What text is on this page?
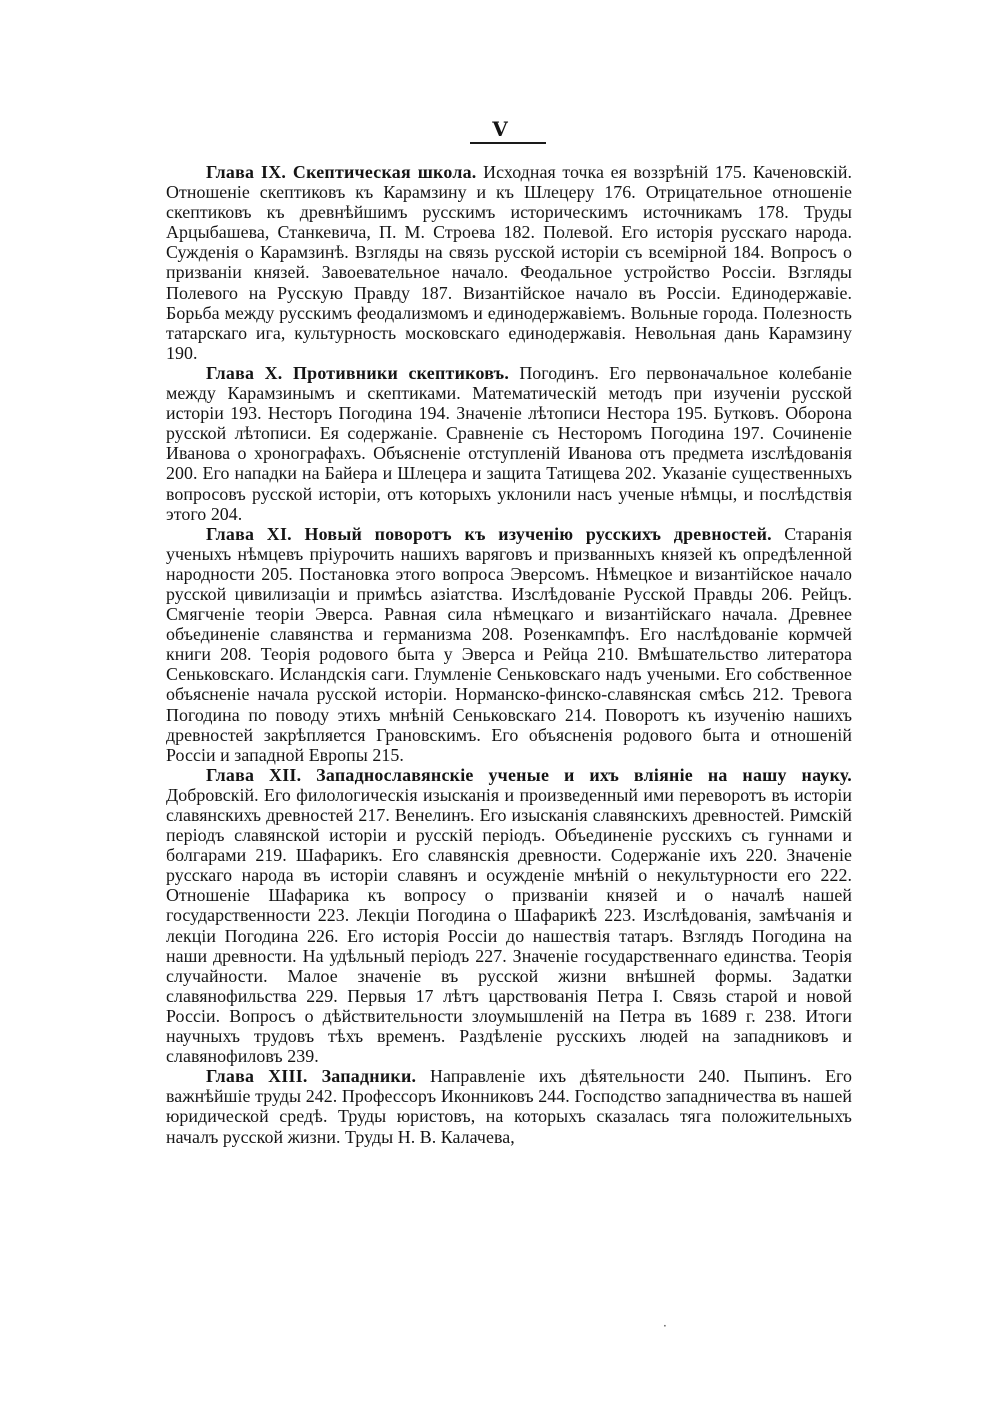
V

Глава IX. Скептическая школа. Исходная точка ея воззрѣній 175. Каченовскій. Отношеніе скептиковъ къ Карамзину и къ Шлецеру 176. Отрицательное отношеніе скептиковъ къ древнѣйшимъ русскимъ историческимъ источникамъ 178. Труды Арцыбашева, Станкевича, П. М. Строева 182. Полевой. Его исторія русскаго народа. Сужденія о Карамзинѣ. Взгляды на связь русской исторіи съ всемірной 184. Вопросъ о призваніи князей. Завоевательное начало. Феодальное устройство Россіи. Взгляды Полевого на Русскую Правду 187. Византійское начало въ Россіи. Единодержавіе. Борьба между русскимъ феодализмомъ и единодержавіемъ. Вольные города. Полезность татарскаго ига, культурность московскаго единодержавія. Невольная дань Карамзину 190.

Глава X. Противники скептиковъ. Погодинъ. Его первоначальное колебаніе между Карамзинымъ и скептиками. Математическій методъ при изученіи русской исторіи 193. Несторъ Погодина 194. Значеніе лѣтописи Нестора 195. Бутковъ. Оборона русской лѣтописи. Ея содержаніе. Сравненіе съ Несторомъ Погодина 197. Сочиненіе Иванова о хронографахъ. Объясненіе отступленій Иванова отъ предмета изслѣдованія 200. Его нападки на Байера и Шлецера и защита Татищева 202. Указаніе существенныхъ вопросовъ русской исторіи, отъ которыхъ уклонили насъ ученые нѣмцы, и послѣдствія этого 204.

Глава XI. Новый поворотъ къ изученію русскихъ древностей. Старанія ученыхъ нѣмцевъ пріурочить нашихъ варяговъ и призванныхъ князей къ опредѣленной народности 205. Постановка этого вопроса Эверсомъ. Нѣмецкое и византійское начало русской цивилизаціи и примѣсь азіатства. Изслѣдованіе Русской Правды 206. Рейцъ. Смягченіе теоріи Эверса. Равная сила нѣмецкаго и византійскаго начала. Древнее объединеніе славянства и германизма 208. Розенкампфъ. Его наслѣдованіе кормчей книги 208. Теорія родового быта у Эверса и Рейца 210. Вмѣшательство литератора Сеньковскаго. Исландскія саги. Глумленіе Сеньковскаго надъ учеными. Его собственное объясненіе начала русской исторіи. Норманско-финско-славянская смѣсь 212. Тревога Погодина по поводу этихъ мнѣній Сеньковскаго 214. Поворотъ къ изученію нашихъ древностей закрѣпляется Грановскимъ. Его объясненія родового быта и отношеній Россіи и западной Европы 215.

Глава XII. Западнославянскіе ученые и ихъ вліяніе на нашу науку. Добровскій. Его филологическія изысканія и произведенный ими переворотъ въ исторіи славянскихъ древностей 217. Венелинъ. Его изысканія славянскихъ древностей. Римскій періодъ славянской исторіи и русскій періодъ. Объединеніе русскихъ съ гуннами и болгарами 219. Шафарикъ. Его славянскія древности. Содержаніе ихъ 220. Значеніе русскаго народа въ исторіи славянъ и осужденіе мнѣній о некультурности его 222. Отношеніе Шафарика къ вопросу о призваніи князей и о началѣ нашей государственности 223. Лекціи Погодина о Шафарикѣ 223. Изслѣдованія, замѣчанія и лекціи Погодина 226. Его исторія Россіи до нашествія татаръ. Взглядъ Погодина на наши древности. На удѣльный періодъ 227. Значеніе государственнаго единства. Теорія случайности. Малое значеніе въ русской жизни внѣшней формы. Задатки славянофильства 229. Первыя 17 лѣтъ царствованія Петра I. Связь старой и новой Россіи. Вопросъ о дѣйствительности злоумышленій на Петра въ 1689 г. 238. Итоги научныхъ трудовъ тѣхъ временъ. Раздѣленіе русскихъ людей на западниковъ и славянофиловъ 239.

Глава XIII. Западники. Направленіе ихъ дѣятельности 240. Пыпинъ. Его важнѣйшіе труды 242. Профессоръ Иконниковъ 244. Господство западничества въ нашей юридической средѣ. Труды юристовъ, на которыхъ сказалась тяга положительныхъ началъ русской жизни. Труды Н. В. Калачева,

·
